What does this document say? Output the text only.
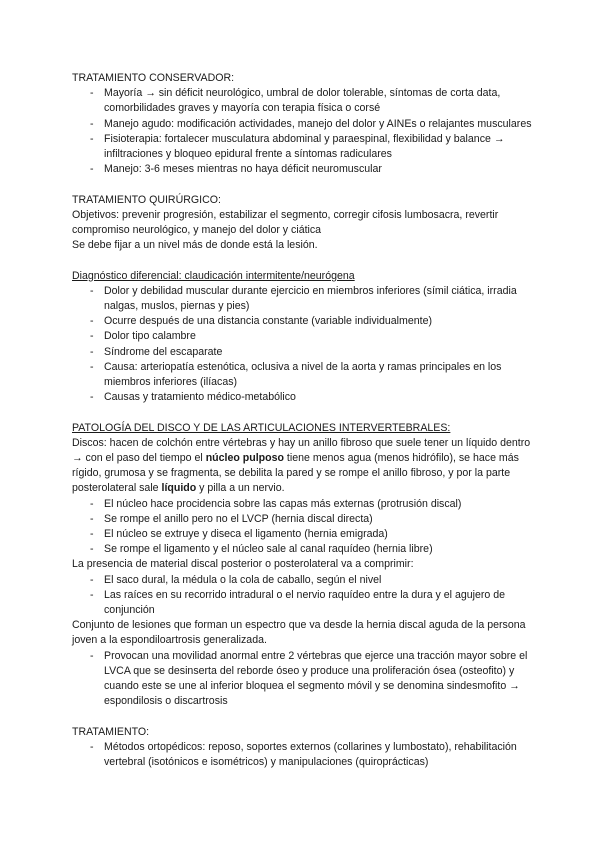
TRATAMIENTO CONSERVADOR:

- Mayoría → sin déficit neurológico, umbral de dolor tolerable, síntomas de corta data, comorbilidades graves y mayoría con terapia física o corsé
- Manejo agudo: modificación actividades, manejo del dolor y AINEs o relajantes musculares
- Fisioterapia: fortalecer musculatura abdominal y paraespinal, flexibilidad y balance → infiltraciones y bloqueo epidural frente a síntomas radiculares
- Manejo: 3-6 meses mientras no haya déficit neuromuscular

TRATAMIENTO QUIRÚRGICO:

Objetivos: prevenir progresión, estabilizar el segmento, corregir cifosis lumbosacra, revertir compromiso neurológico, y manejo del dolor y ciática

Se debe fijar a un nivel más de donde está la lesión.

Diagnóstico diferencial: claudicación intermitente/neurógena

- Dolor y debilidad muscular durante ejercicio en miembros inferiores (símil ciática, irradia nalgas, muslos, piernas y pies)
- Ocurre después de una distancia constante (variable individualmente)
- Dolor tipo calambre
- Síndrome del escaparate
- Causa: arteriopatía estenótica, oclusiva a nivel de la aorta y ramas principales en los miembros inferiores (ilíacas)
- Causas y tratamiento médico-metabólico

PATOLOGÍA DEL DISCO Y DE LAS ARTICULACIONES INTERVERTEBRALES:

Discos: hacen de colchón entre vértebras y hay un anillo fibroso que suele tener un líquido dentro → con el paso del tiempo el núcleo pulposo tiene menos agua (menos hidrófilo), se hace más rígido, grumosa y se fragmenta, se debilita la pared y se rompe el anillo fibroso, y por la parte posterolateral sale líquido y pilla a un nervio.

- El núcleo hace procidencia sobre las capas más externas (protrusión discal)
- Se rompe el anillo pero no el LVCP (hernia discal directa)
- El núcleo se extruye y diseca el ligamento (hernia emigrada)
- Se rompe el ligamento y el núcleo sale al canal raquídeo (hernia libre)

La presencia de material discal posterior o posterolateral va a comprimir:

- El saco dural, la médula o la cola de caballo, según el nivel
- Las raíces en su recorrido intradural o el nervio raquídeo entre la dura y el agujero de conjunción

Conjunto de lesiones que forman un espectro que va desde la hernia discal aguda de la persona joven a la espondiloartrosis generalizada.

- Provocan una movilidad anormal entre 2 vértebras que ejerce una tracción mayor sobre el LVCA que se desinserta del reborde óseo y produce una proliferación ósea (osteofito) y cuando este se une al inferior bloquea el segmento móvil y se denomina sindesmofito → espondilosis o discartrosis

TRATAMIENTO:

- Métodos ortopédicos: reposo, soportes externos (collarines y lumbostato), rehabilitación vertebral (isotónicos e isométricos) y manipulaciones (quiroprácticas)
